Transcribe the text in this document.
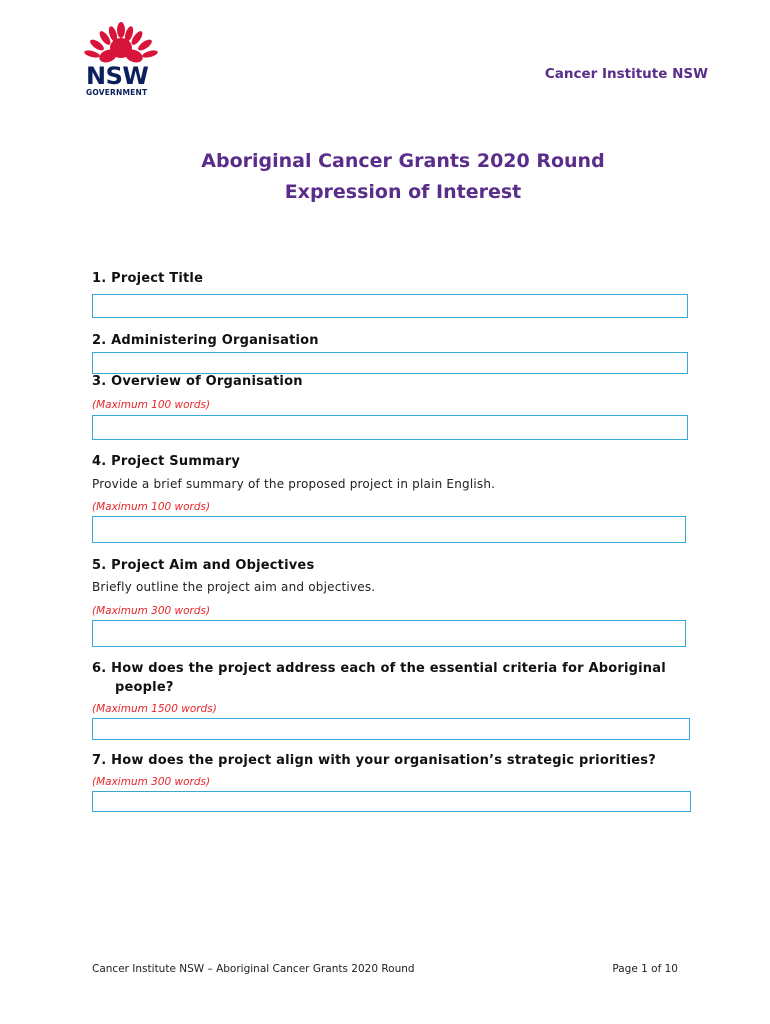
NSW
GOVERNMENT
Cancer Institute NSW
Aboriginal Cancer Grants 2020 Round
Expression of Interest
1. Project Title
2. Administering Organisation
3. Overview of Organisation
(Maximum 100 words)
4. Project Summary
Provide a brief summary of the proposed project in plain English.
(Maximum 100 words)
5. Project Aim and Objectives
Briefly outline the project aim and objectives.
(Maximum 300 words)
6. How does the project address each of the essential criteria for Aboriginal
people?
(Maximum 1500 words)
7. How does the project align with your organisation’s strategic priorities?
(Maximum 300 words)
Cancer Institute NSW – Aboriginal Cancer Grants 2020 Round	Page 1 of 10
